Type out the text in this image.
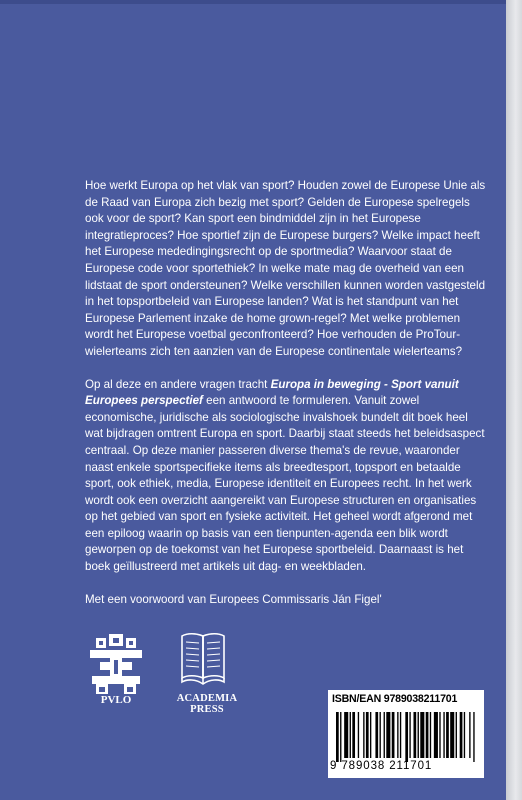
Hoe werkt Europa op het vlak van sport? Houden zowel de Europese Unie als de Raad van Europa zich bezig met sport? Gelden de Europese spelregels ook voor de sport? Kan sport een bindmiddel zijn in het Europese integratieproces? Hoe sportief zijn de Europese burgers? Welke impact heeft het Europese mededingingsrecht op de sportmedia? Waarvoor staat de Europese code voor sportethiek? In welke mate mag de overheid van een lidstaat de sport ondersteunen? Welke verschillen kunnen worden vastgesteld in het topsportbeleid van Europese landen? Wat is het standpunt van het Europese Parlement inzake de home grown-regel? Met welke problemen wordt het Europese voetbal geconfronteerd? Hoe verhouden de ProTour-wielerteams zich ten aanzien van de Europese continentale wielerteams?

Op al deze en andere vragen tracht Europa in beweging - Sport vanuit Europees perspectief een antwoord te formuleren. Vanuit zowel economische, juridische als sociologische invalshoek bundelt dit boek heel wat bijdragen omtrent Europa en sport. Daarbij staat steeds het beleidsaspect centraal. Op deze manier passeren diverse thema's de revue, waaronder naast enkele sportspecifieke items als breedtesport, topsport en betaalde sport, ook ethiek, media, Europese identiteit en Europees recht. In het werk wordt ook een overzicht aangereikt van Europese structuren en organisaties op het gebied van sport en fysieke activiteit. Het geheel wordt afgerond met een epiloog waarin op basis van een tienpunten-agenda een blik wordt geworpen op de toekomst van het Europese sportbeleid. Daarnaast is het boek geïllustreerd met artikels uit dag- en weekbladen.

Met een voorwoord van Europees Commissaris Ján Figel'

PVLO	ACADEMIA PRESS
ISBN/EAN 9789038211701
9 789038 211701
